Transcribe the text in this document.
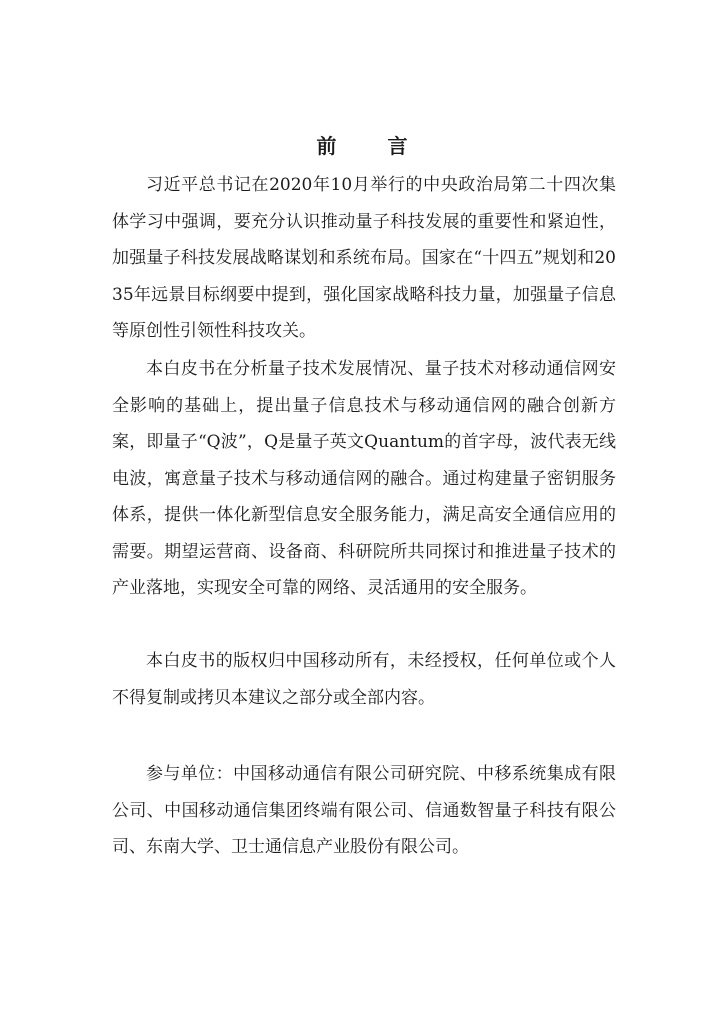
前 言

习近平总书记在2020年10月举行的中央政治局第二十四次集体学习中强调，要充分认识推动量子科技发展的重要性和紧迫性，加强量子科技发展战略谋划和系统布局。国家在“十四五”规划和2035年远景目标纲要中提到，强化国家战略科技力量，加强量子信息等原创性引领性科技攻关。

本白皮书在分析量子技术发展情况、量子技术对移动通信网安全影响的基础上，提出量子信息技术与移动通信网的融合创新方案，即量子“Q波”，Q是量子英文Quantum的首字母，波代表无线电波，寓意量子技术与移动通信网的融合。通过构建量子密钥服务体系，提供一体化新型信息安全服务能力，满足高安全通信应用的需要。期望运营商、设备商、科研院所共同探讨和推进量子技术的产业落地，实现安全可靠的网络、灵活通用的安全服务。

本白皮书的版权归中国移动所有，未经授权，任何单位或个人不得复制或拷贝本建议之部分或全部内容。

参与单位：中国移动通信有限公司研究院、中移系统集成有限公司、中国移动通信集团终端有限公司、信通数智量子科技有限公司、东南大学、卫士通信息产业股份有限公司。
